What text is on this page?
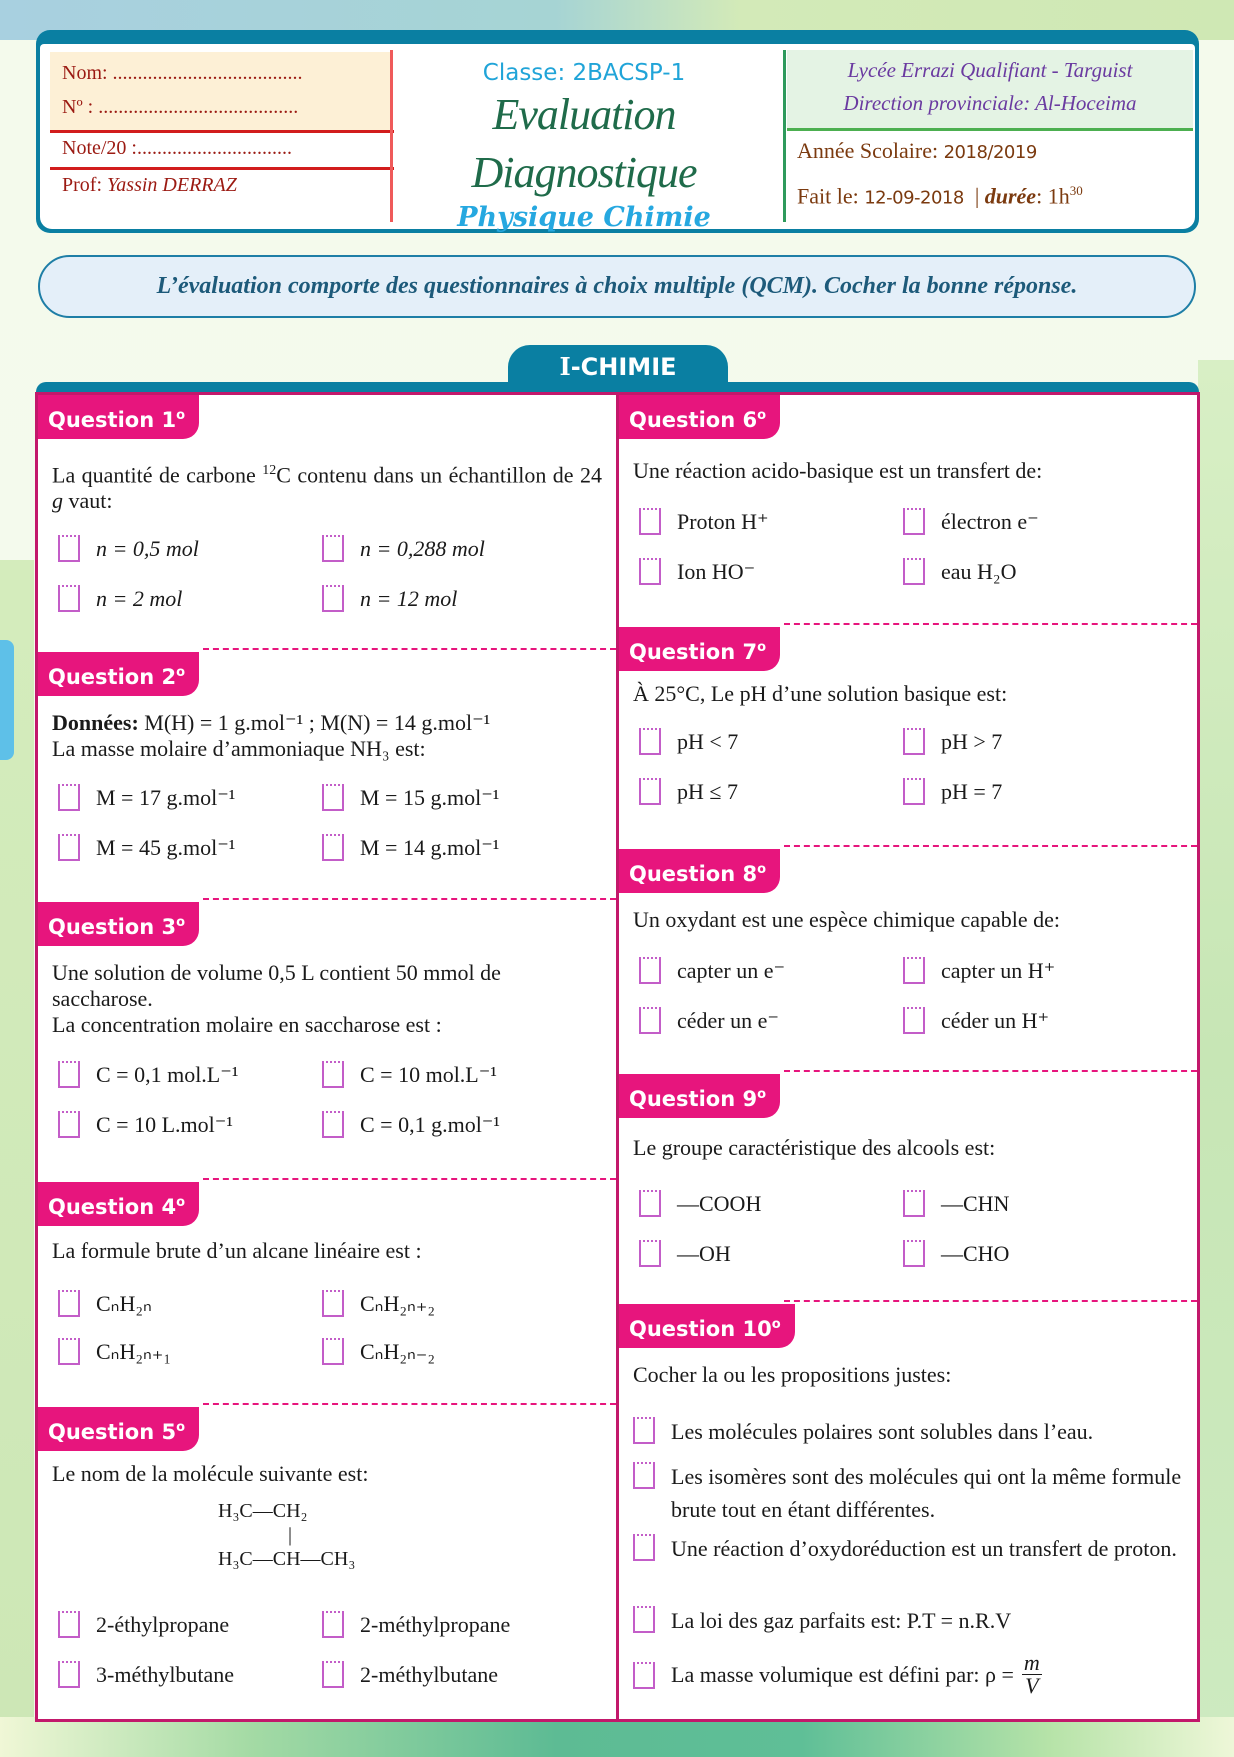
Nom: ......................................
Nº : ........................................
Note/20 :...............................
Prof: Yassin DERRAZ
Classe: 2BACSP-1
Evaluation Diagnostique
Physique Chimie
Lycée Errazi Qualifiant - Targuist
Direction provinciale: Al-Hoceima
Année Scolaire: 2018/2019
Fait le: 12-09-2018 | durée: $1h^{30}$
L’évaluation comporte des questionnaires à choix multiple (QCM). Cocher la bonne réponse.
I-CHIMIE
Question 1$^o$
La quantité de carbone $^{12}$C contenu dans un échantillon de 24 g vaut:
n = 0,5 mol	n = 0,288 mol
n = 2 mol	n = 12 mol
Question 2$^o$
Données: M(H) = 1 g.mol⁻¹ ; M(N) = 14 g.mol⁻¹
La masse molaire d’ammoniaque NH₃ est:
M = 17 g.mol⁻¹	M = 15 g.mol⁻¹
M = 45 g.mol⁻¹	M = 14 g.mol⁻¹
Question 3$^o$
Une solution de volume 0,5 L contient 50 mmol de saccharose.
La concentration molaire en saccharose est :
C = 0,1 mol.L⁻¹	C = 10 mol.L⁻¹
C = 10 L.mol⁻¹	C = 0,1 g.mol⁻¹
Question 4$^o$
La formule brute d’un alcane linéaire est :
CₙH₂ₙ	CₙH₂ₙ₊₂
CₙH₂ₙ₊₁	CₙH₂ₙ₋₂
Question 5$^o$
Le nom de la molécule suivante est:
H₃C—CH₂
|
H₃C—CH—CH₃
2-éthylpropane	2-méthylpropane
3-méthylbutane	2-méthylbutane
Question 6$^o$
Une réaction acido-basique est un transfert de:
Proton H⁺	électron e⁻
Ion HO⁻	eau H₂O
Question 7$^o$
À 25°C, Le pH d’une solution basique est:
pH < 7	pH > 7
pH ≤ 7	pH = 7
Question 8$^o$
Un oxydant est une espèce chimique capable de:
capter un e⁻	capter un H⁺
céder un e⁻	céder un H⁺
Question 9$^o$
Le groupe caractéristique des alcools est:
—COOH	—CHN
—OH	—CHO
Question 10$^o$
Cocher la ou les propositions justes:
Les molécules polaires sont solubles dans l’eau.
Les isomères sont des molécules qui ont la même formule brute tout en étant différentes.
Une réaction d’oxydoréduction est un transfert de proton.
La loi des gaz parfaits est: P.T = n.R.V
La masse volumique est défini par: $\rho = \frac{m}{V}$
